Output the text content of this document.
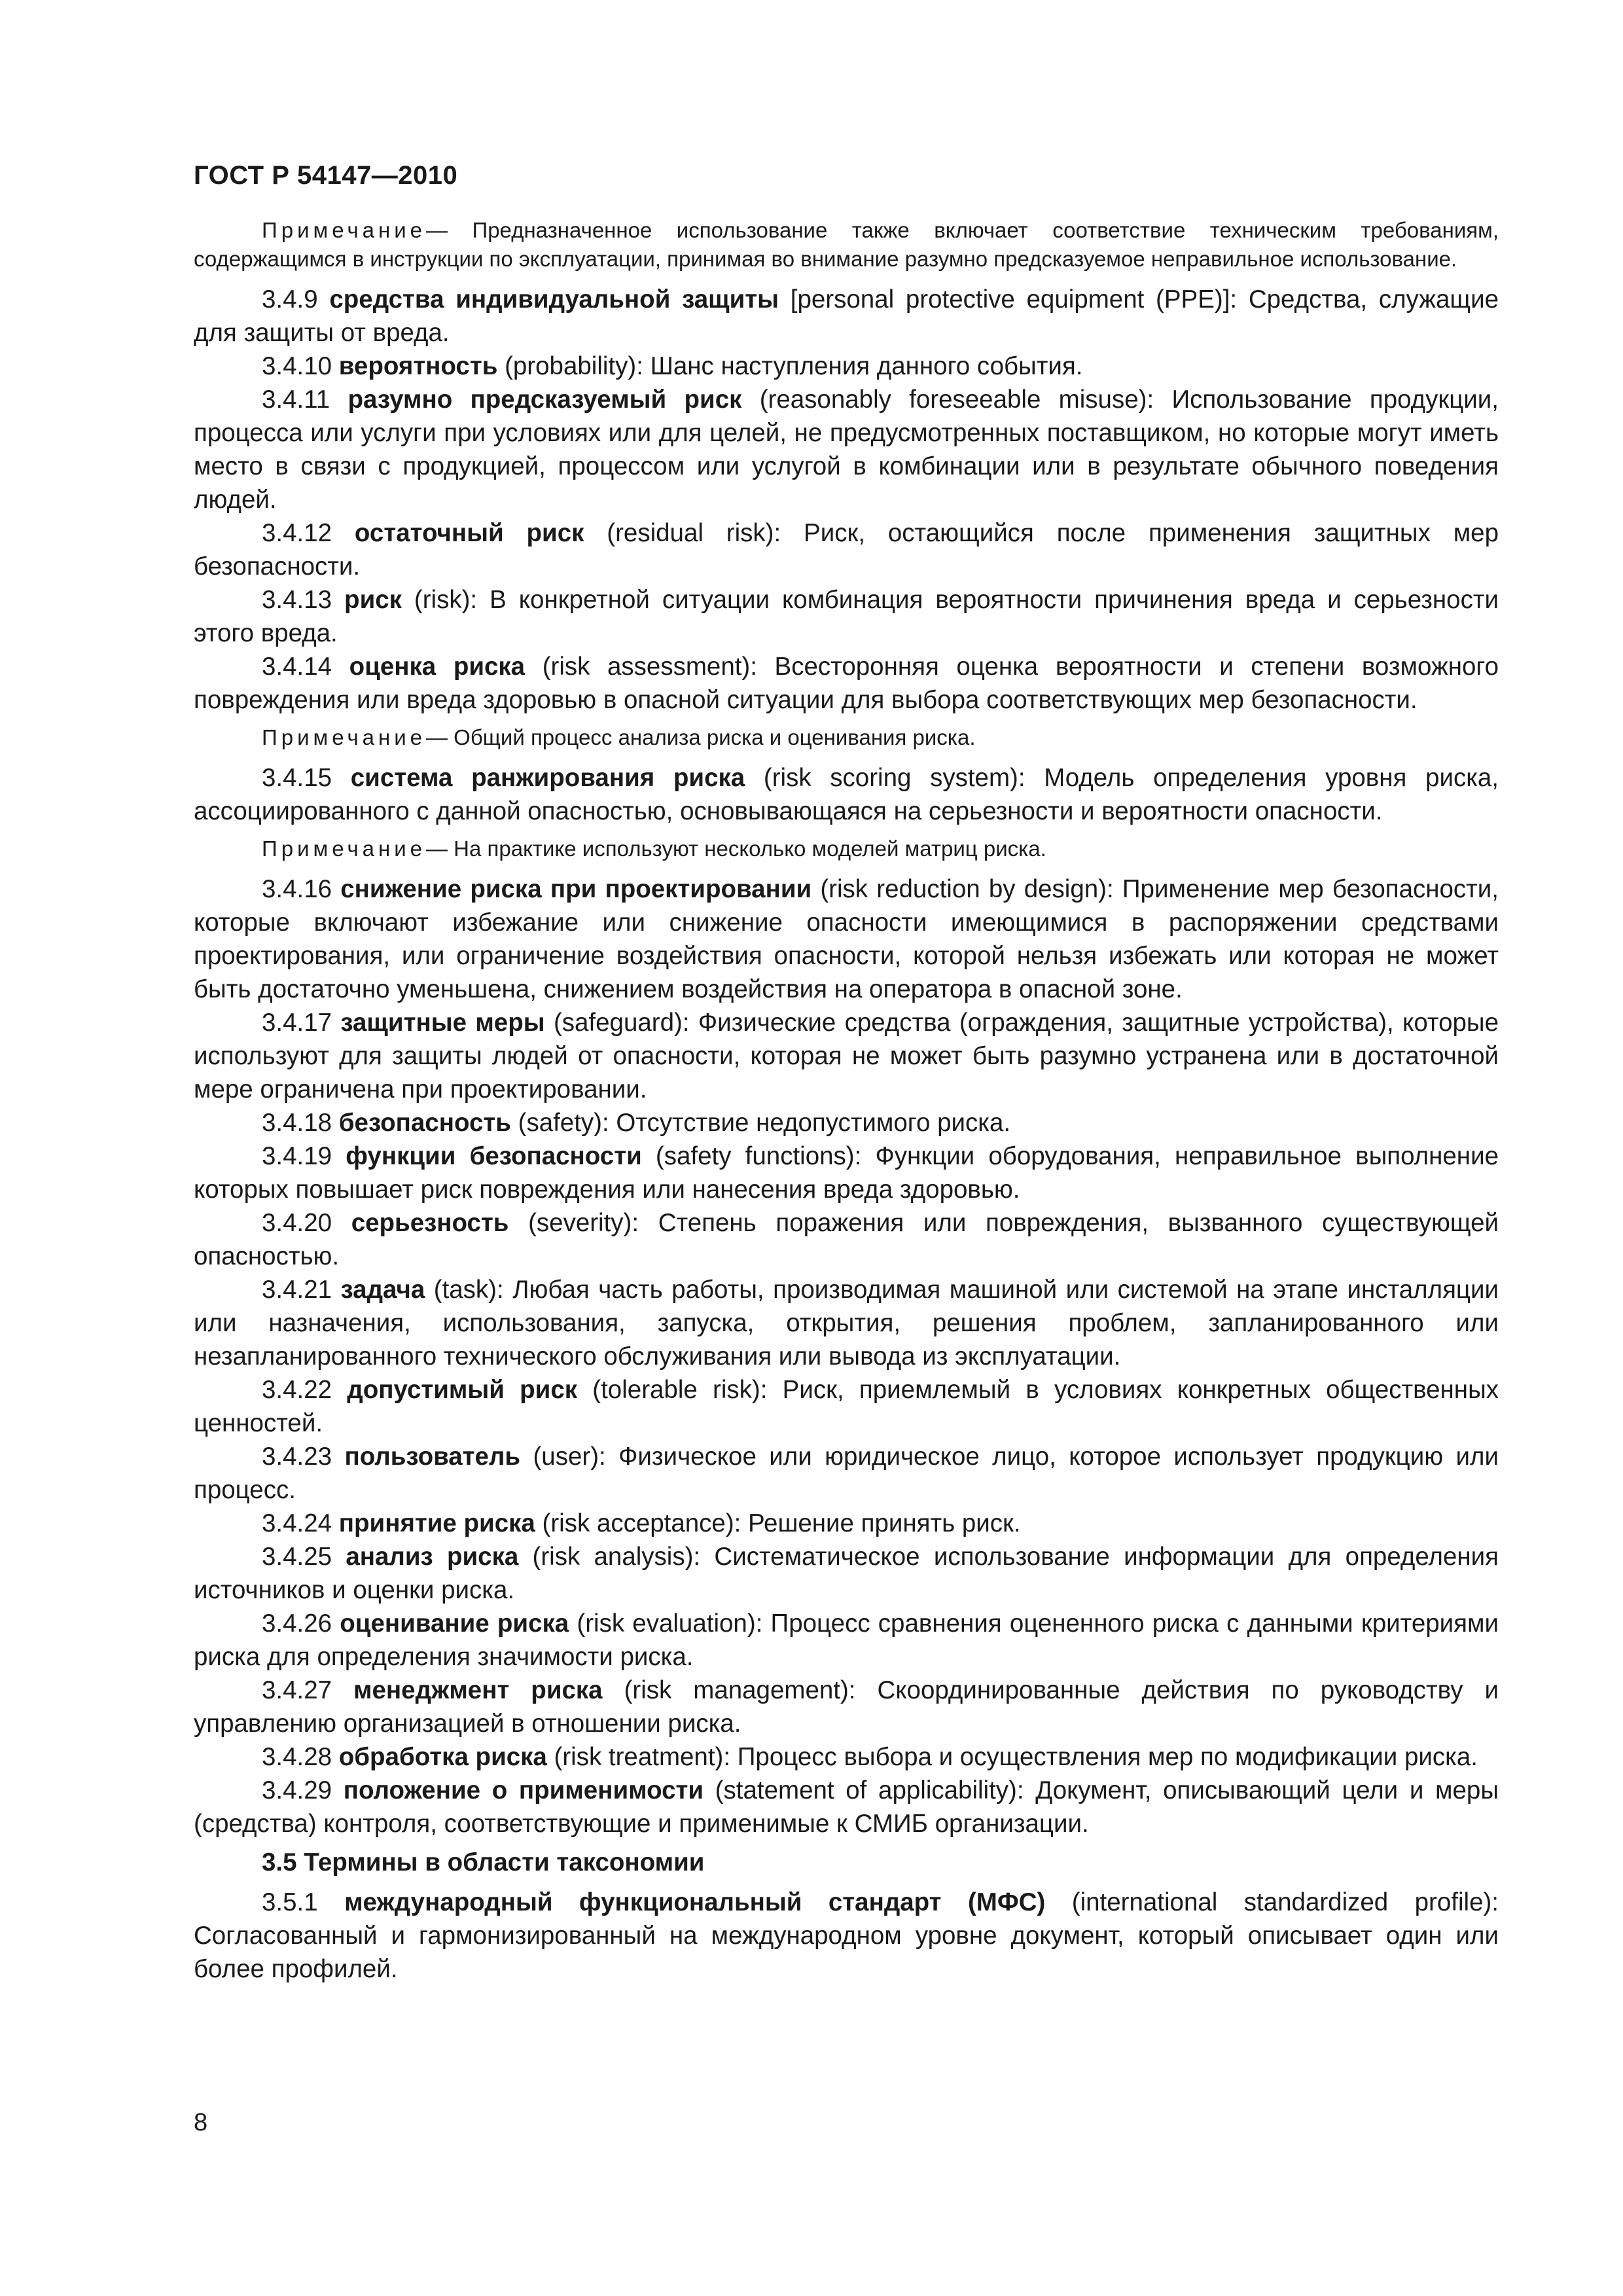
ГОСТ Р 54147—2010

Примечание— Предназначенное использование также включает соответствие техническим требованиям, содержащимся в инструкции по эксплуатации, принимая во внимание разумно предсказуемое неправильное использование.

3.4.9 средства индивидуальной защиты [personal protective equipment (PPE)]: Средства, служащие для защиты от вреда.

3.4.10 вероятность (probability): Шанс наступления данного события.

3.4.11 разумно предсказуемый риск (reasonably foreseeable misuse): Использование продукции, процесса или услуги при условиях или для целей, не предусмотренных поставщиком, но которые могут иметь место в связи с продукцией, процессом или услугой в комбинации или в результате обычного поведения людей.

3.4.12 остаточный риск (residual risk): Риск, остающийся после применения защитных мер безопасности.

3.4.13 риск (risk): В конкретной ситуации комбинация вероятности причинения вреда и серьезности этого вреда.

3.4.14 оценка риска (risk assessment): Всесторонняя оценка вероятности и степени возможного повреждения или вреда здоровью в опасной ситуации для выбора соответствующих мер безопасности.

Примечание— Общий процесс анализа риска и оценивания риска.

3.4.15 система ранжирования риска (risk scoring system): Модель определения уровня риска, ассоциированного с данной опасностью, основывающаяся на серьезности и вероятности опасности.

Примечание— На практике используют несколько моделей матриц риска.

3.4.16 снижение риска при проектировании (risk reduction by design): Применение мер безопасности, которые включают избежание или снижение опасности имеющимися в распоряжении средствами проектирования, или ограничение воздействия опасности, которой нельзя избежать или которая не может быть достаточно уменьшена, снижением воздействия на оператора в опасной зоне.

3.4.17 защитные меры (safeguard): Физические средства (ограждения, защитные устройства), которые используют для защиты людей от опасности, которая не может быть разумно устранена или в достаточной мере ограничена при проектировании.

3.4.18 безопасность (safety): Отсутствие недопустимого риска.

3.4.19 функции безопасности (safety functions): Функции оборудования, неправильное выполнение которых повышает риск повреждения или нанесения вреда здоровью.

3.4.20 серьезность (severity): Степень поражения или повреждения, вызванного существующей опасностью.

3.4.21 задача (task): Любая часть работы, производимая машиной или системой на этапе инсталляции или назначения, использования, запуска, открытия, решения проблем, запланированного или незапланированного технического обслуживания или вывода из эксплуатации.

3.4.22 допустимый риск (tolerable risk): Риск, приемлемый в условиях конкретных общественных ценностей.

3.4.23 пользователь (user): Физическое или юридическое лицо, которое использует продукцию или процесс.

3.4.24 принятие риска (risk acceptance): Решение принять риск.

3.4.25 анализ риска (risk analysis): Систематическое использование информации для определения источников и оценки риска.

3.4.26 оценивание риска (risk evaluation): Процесс сравнения оцененного риска с данными критериями риска для определения значимости риска.

3.4.27 менеджмент риска (risk management): Скоординированные действия по руководству и управлению организацией в отношении риска.

3.4.28 обработка риска (risk treatment): Процесс выбора и осуществления мер по модификации риска.

3.4.29 положение о применимости (statement of applicability): Документ, описывающий цели и меры (средства) контроля, соответствующие и применимые к СМИБ организации.

3.5 Термины в области таксономии

3.5.1 международный функциональный стандарт (МФС) (international standardized profile): Согласованный и гармонизированный на международном уровне документ, который описывает один или более профилей.

8
